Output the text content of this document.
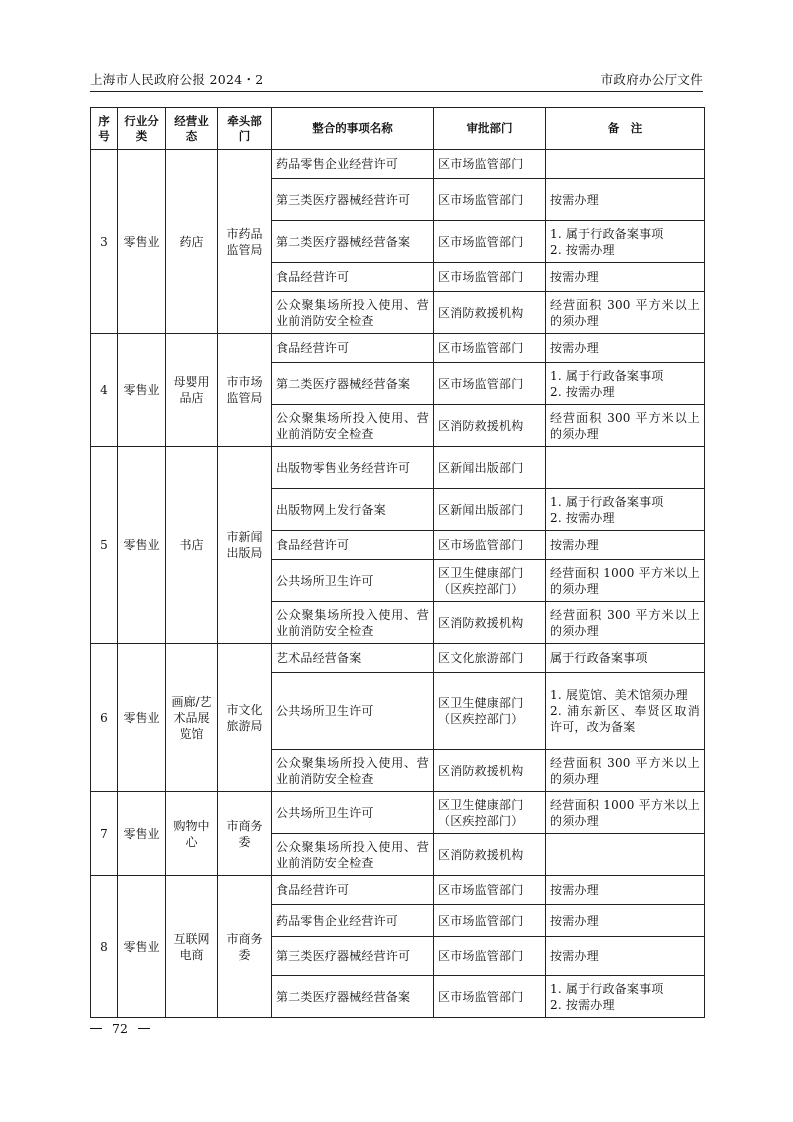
上海市人民政府公报 2024・2	市政府办公厅文件
序号	行业分类	经营业态	牵头部门	整合的事项名称	审批部门	备　注
3	零售业	药店	市药品监管局	药品零售企业经营许可	区市场监管部门	
				第三类医疗器械经营许可	区市场监管部门	按需办理
				第二类医疗器械经营备案	区市场监管部门	1. 属于行政备案事项
2. 按需办理
				食品经营许可	区市场监管部门	按需办理
				公众聚集场所投入使用、营业前消防安全检查	区消防救援机构	经营面积 300 平方米以上的须办理
4	零售业	母婴用品店	市市场监管局	食品经营许可	区市场监管部门	按需办理
				第二类医疗器械经营备案	区市场监管部门	1. 属于行政备案事项
2. 按需办理
				公众聚集场所投入使用、营业前消防安全检查	区消防救援机构	经营面积 300 平方米以上的须办理
5	零售业	书店	市新闻出版局	出版物零售业务经营许可	区新闻出版部门	
				出版物网上发行备案	区新闻出版部门	1. 属于行政备案事项
2. 按需办理
				食品经营许可	区市场监管部门	按需办理
				公共场所卫生许可	区卫生健康部门（区疾控部门）	经营面积 1000 平方米以上的须办理
				公众聚集场所投入使用、营业前消防安全检查	区消防救援机构	经营面积 300 平方米以上的须办理
6	零售业	画廊/艺术品展览馆	市文化旅游局	艺术品经营备案	区文化旅游部门	属于行政备案事项
				公共场所卫生许可	区卫生健康部门（区疾控部门）	1. 展览馆、美术馆须办理
2. 浦东新区、奉贤区取消许可，改为备案
				公众聚集场所投入使用、营业前消防安全检查	区消防救援机构	经营面积 300 平方米以上的须办理
7	零售业	购物中心	市商务委	公共场所卫生许可	区卫生健康部门（区疾控部门）	经营面积 1000 平方米以上的须办理
				公众聚集场所投入使用、营业前消防安全检查	区消防救援机构	
8	零售业	互联网电商	市商务委	食品经营许可	区市场监管部门	按需办理
				药品零售企业经营许可	区市场监管部门	按需办理
				第三类医疗器械经营许可	区市场监管部门	按需办理
				第二类医疗器械经营备案	区市场监管部门	1. 属于行政备案事项
2. 按需办理
72
